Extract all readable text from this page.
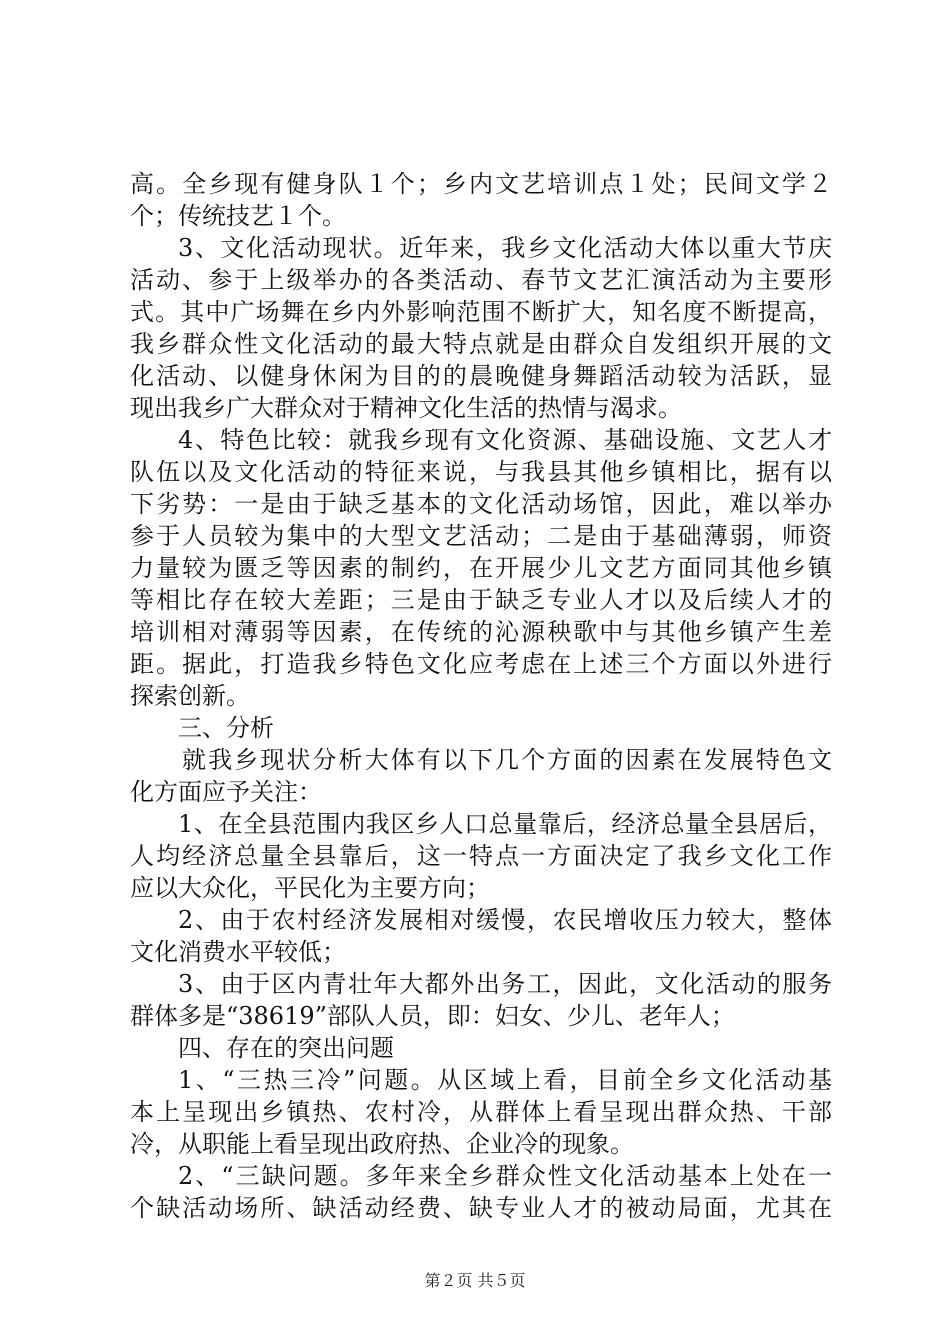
高。全乡现有健身队１个；乡内文艺培训点１处；民间文学２
个；传统技艺１个。
3、文化活动现状。近年来，我乡文化活动大体以重大节庆
活动、参于上级举办的各类活动、春节文艺汇演活动为主要形
式。其中广场舞在乡内外影响范围不断扩大，知名度不断提高，
我乡群众性文化活动的最大特点就是由群众自发组织开展的文
化活动、以健身休闲为目的的晨晚健身舞蹈活动较为活跃，显
现出我乡广大群众对于精神文化生活的热情与渴求。
4、特色比较：就我乡现有文化资源、基础设施、文艺人才
队伍以及文化活动的特征来说，与我县其他乡镇相比，据有以
下劣势：一是由于缺乏基本的文化活动场馆，因此，难以举办
参于人员较为集中的大型文艺活动；二是由于基础薄弱，师资
力量较为匮乏等因素的制约，在开展少儿文艺方面同其他乡镇
等相比存在较大差距；三是由于缺乏专业人才以及后续人才的
培训相对薄弱等因素，在传统的沁源秧歌中与其他乡镇产生差
距。据此，打造我乡特色文化应考虑在上述三个方面以外进行
探索创新。
三、分析
就我乡现状分析大体有以下几个方面的因素在发展特色文
化方面应予关注：
1、在全县范围内我区乡人口总量靠后，经济总量全县居后，
人均经济总量全县靠后，这一特点一方面决定了我乡文化工作
应以大众化，平民化为主要方向；
2、由于农村经济发展相对缓慢，农民增收压力较大，整体
文化消费水平较低；
3、由于区内青壮年大都外出务工，因此，文化活动的服务
群体多是“38619”部队人员，即：妇女、少儿、老年人；
四、存在的突出问题
1、“三热三冷”问题。从区域上看，目前全乡文化活动基
本上呈现出乡镇热、农村冷，从群体上看呈现出群众热、干部
冷，从职能上看呈现出政府热、企业冷的现象。
2、“三缺问题。多年来全乡群众性文化活动基本上处在一
个缺活动场所、缺活动经费、缺专业人才的被动局面，尤其在
第２页 共５页
